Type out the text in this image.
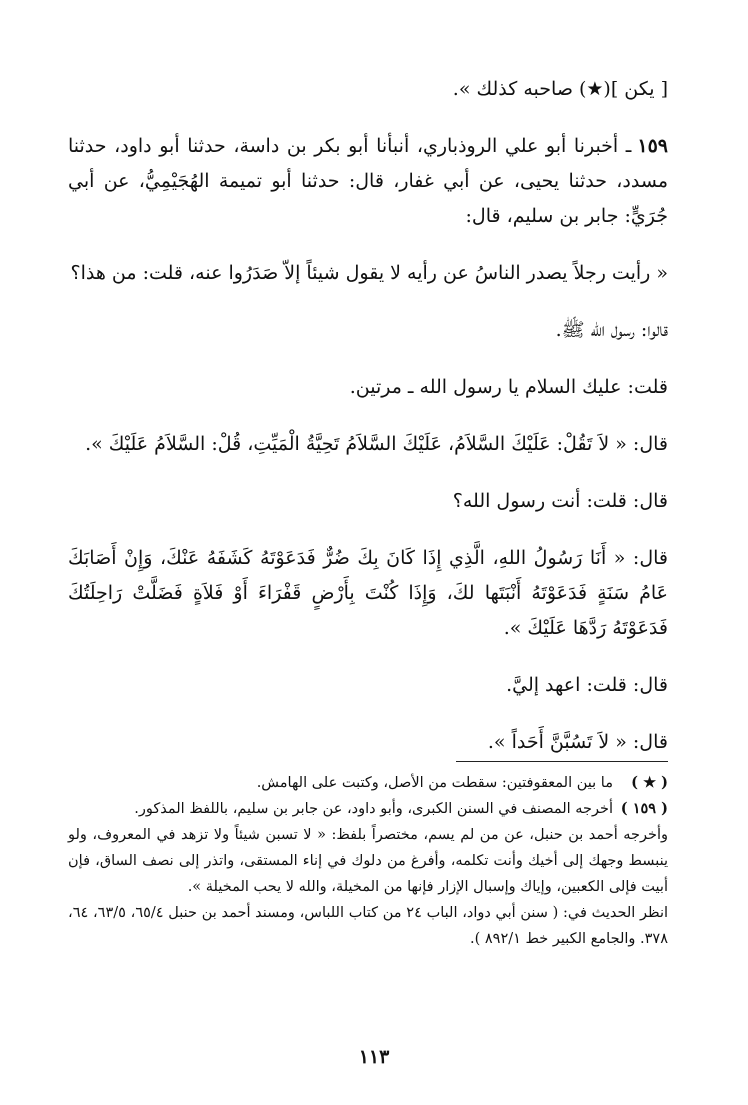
[ يكن ](★) صاحبه كذلك ».

١٥٩ـ أخبرنا أبو علي الروذباري، أنبأنا أبو بكر بن داسة، حدثنا أبو داود، حدثنا مسدد، حدثنا يحيى، عن أبي غفار، قال: حدثنا أبو تميمة الهُجَيْمِيُّ، عن أبي جُرَيٍّ: جابر بن سليم، قال:

« رأيت رجلاً يصدر الناسُ عن رأيه لا يقول شيئاً إلاّ صَدَرُوا عنه، قلت: من هذا؟

قالوا: رسول الله ﷺ.

قلت: عليك السلام يا رسول الله ـ مرتين.

قال: « لاَ تَقُلْ: عَلَيْكَ السَّلاَمُ، عَلَيْكَ السَّلاَمُ تَحِيَّةُ الْمَيِّتِ، قُلْ: السَّلاَمُ عَلَيْكَ ».

قال: قلت: أنت رسول الله؟

قال: « أَنَا رَسُولُ اللهِ، الَّذِي إِذَا كَانَ بِكَ ضُرٌّ فَدَعَوْتَهُ كَشَفَهُ عَنْكَ، وَإِنْ أَصَابَكَ عَامُ سَنَةٍ فَدَعَوْتَهُ أَنْبَتَها لكَ، وَإِذَا كُنْتَ بِأَرْضٍ قَفْرَاءَ أَوْ فَلاَةٍ فَضَلَّتْ رَاحِلَتُكَ فَدَعَوْتَهُ رَدَّهَا عَلَيْكَ ».

قال: قلت: اعهد إليَّ.

قال: « لاَ تَسُبَّنَّ أَحَداً ».

( ★ )
ما بين المعقوفتين: سقطت من الأصل، وكتبت على الهامش.
( ١٥٩ )
أخرجه المصنف في السنن الكبرى، وأبو داود، عن جابر بن سليم، باللفظ المذكور.
وأخرجه أحمد بن حنبل، عن من لم يسم، مختصراً بلفظ: « لا تسبن شيئاً ولا تزهد في المعروف، ولو ينبسط وجهك إلى أخيك وأنت تكلمه، وأفرغ من دلوك في إناء المستقى، واتذر إلى نصف الساق، فإن أبيت فإلى الكعبين، وإياك وإسبال الإزار فإنها من المخيلة، والله لا يحب المخيلة ».
انظر الحديث في: ( سنن أبي دواد، الباب ٢٤ من كتاب اللباس، ومسند أحمد بن حنبل ٦٥/٤، ٦٣/٥، ٦٤، ٣٧٨. والجامع الكبير خط ٨٩٢/١ ).
١١٣
